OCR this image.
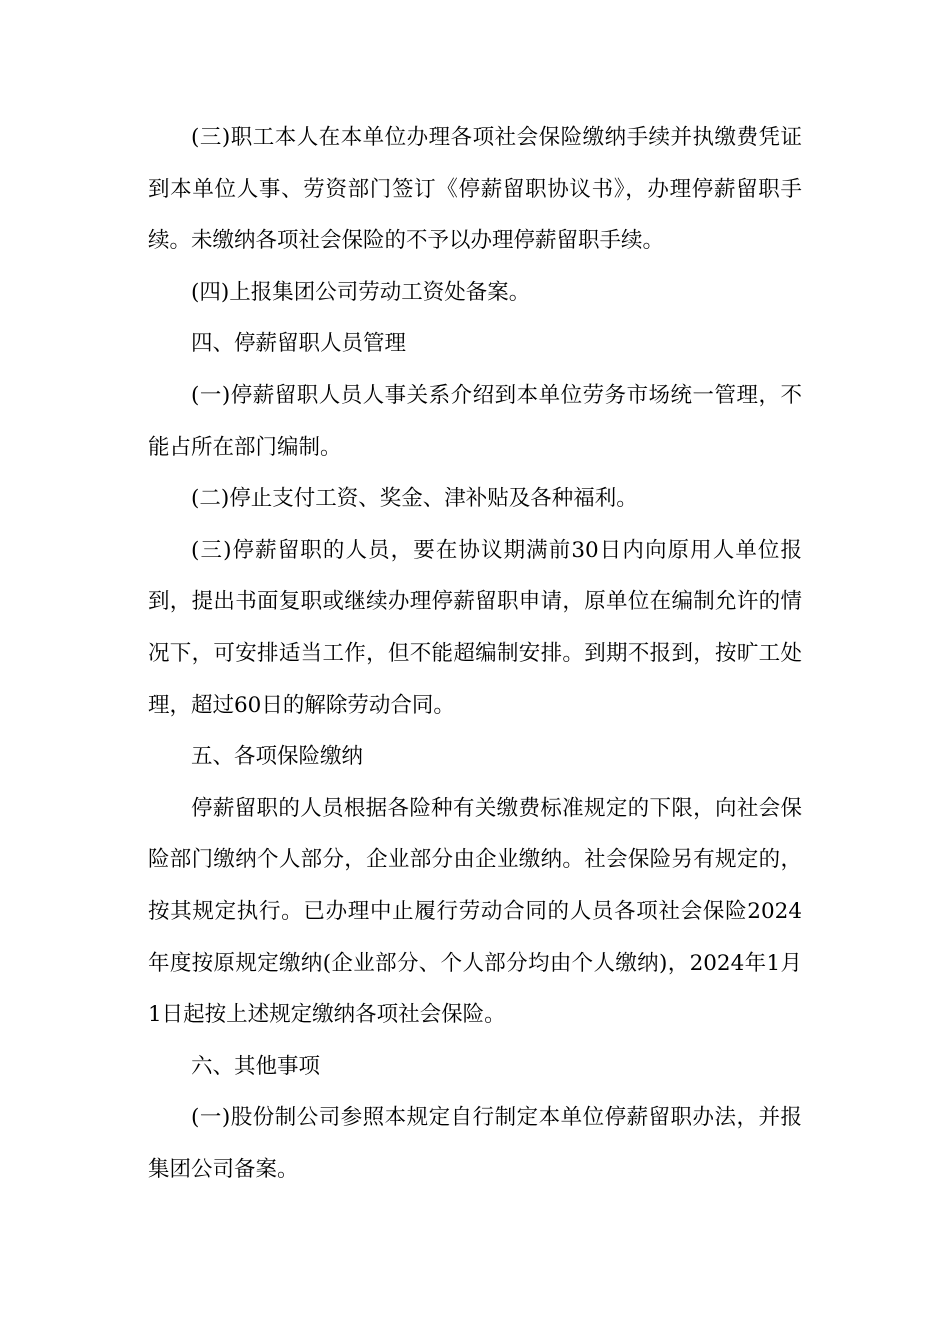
(三)职工本人在本单位办理各项社会保险缴纳手续并执缴费凭证到本单位人事、劳资部门签订《停薪留职协议书》，办理停薪留职手续。未缴纳各项社会保险的不予以办理停薪留职手续。

(四)上报集团公司劳动工资处备案。

四、停薪留职人员管理

(一)停薪留职人员人事关系介绍到本单位劳务市场统一管理，不能占所在部门编制。

(二)停止支付工资、奖金、津补贴及各种福利。

(三)停薪留职的人员，要在协议期满前30日内向原用人单位报到，提出书面复职或继续办理停薪留职申请，原单位在编制允许的情况下，可安排适当工作，但不能超编制安排。到期不报到，按旷工处理，超过60日的解除劳动合同。

五、各项保险缴纳

停薪留职的人员根据各险种有关缴费标准规定的下限，向社会保险部门缴纳个人部分，企业部分由企业缴纳。社会保险另有规定的，按其规定执行。已办理中止履行劳动合同的人员各项社会保险2024年度按原规定缴纳(企业部分、个人部分均由个人缴纳)，2024年1月1日起按上述规定缴纳各项社会保险。

六、其他事项

(一)股份制公司参照本规定自行制定本单位停薪留职办法，并报集团公司备案。
